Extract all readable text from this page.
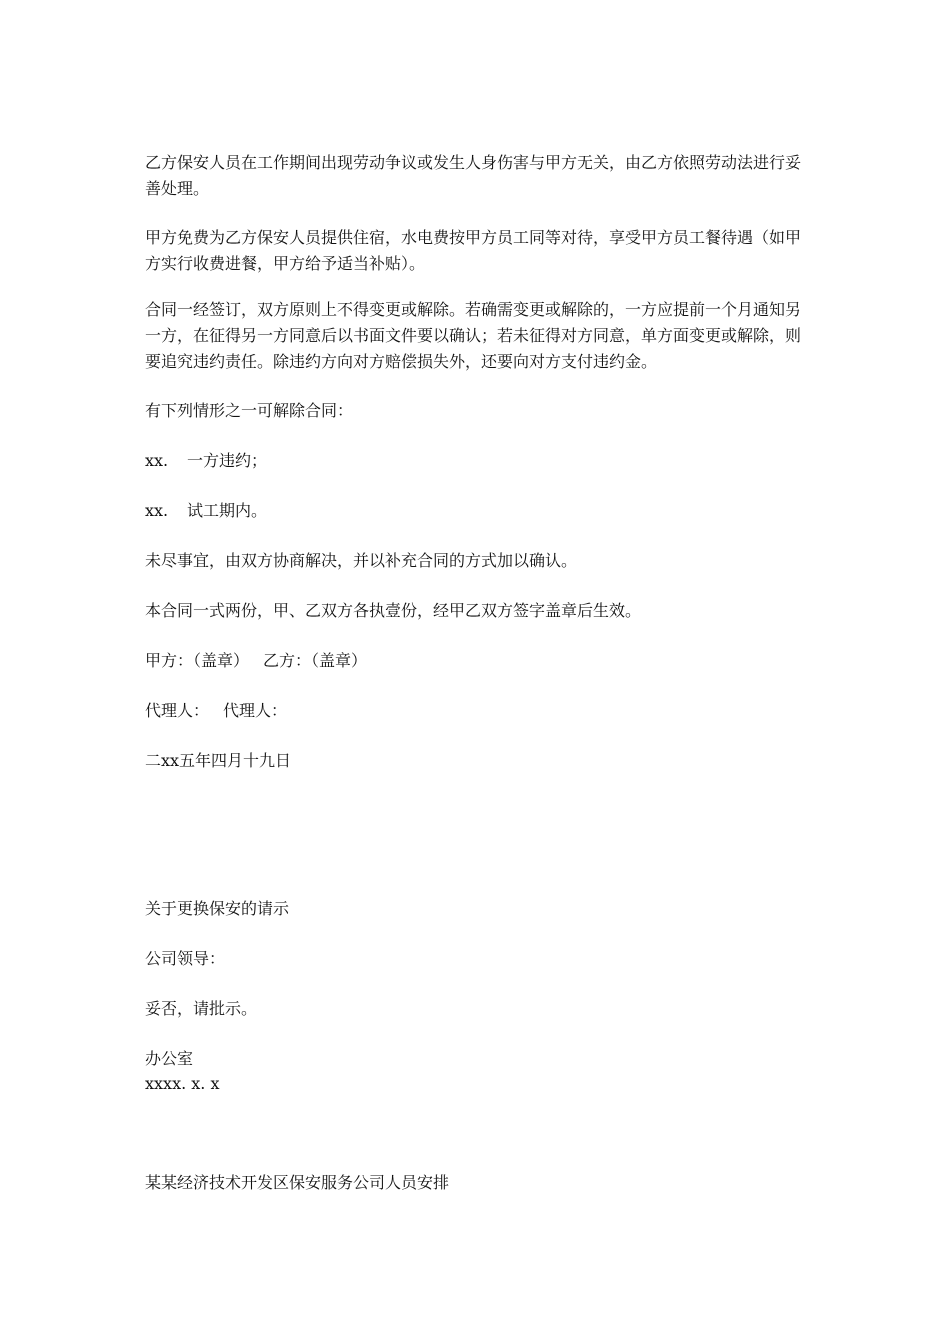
乙方保安人员在工作期间出现劳动争议或发生人身伤害与甲方无关，由乙方依照劳动法进行妥善处理。

甲方免费为乙方保安人员提供住宿，水电费按甲方员工同等对待，享受甲方员工餐待遇（如甲方实行收费进餐，甲方给予适当补贴）。

合同一经签订，双方原则上不得变更或解除。若确需变更或解除的，一方应提前一个月通知另一方，在征得另一方同意后以书面文件要以确认；若未征得对方同意，单方面变更或解除，则要追究违约责任。除违约方向对方赔偿损失外，还要向对方支付违约金。

有下列情形之一可解除合同：

xx. 一方违约；

xx. 试工期内。

未尽事宜，由双方协商解决，并以补充合同的方式加以确认。

本合同一式两份，甲、乙双方各执壹份，经甲乙双方签字盖章后生效。

甲方：（盖章） 乙方：（盖章）

代理人： 代理人：

二xx五年四月十九日

关于更换保安的请示

公司领导：

妥否，请批示。

办公室

xxxx. x. x

某某经济技术开发区保安服务公司人员安排
